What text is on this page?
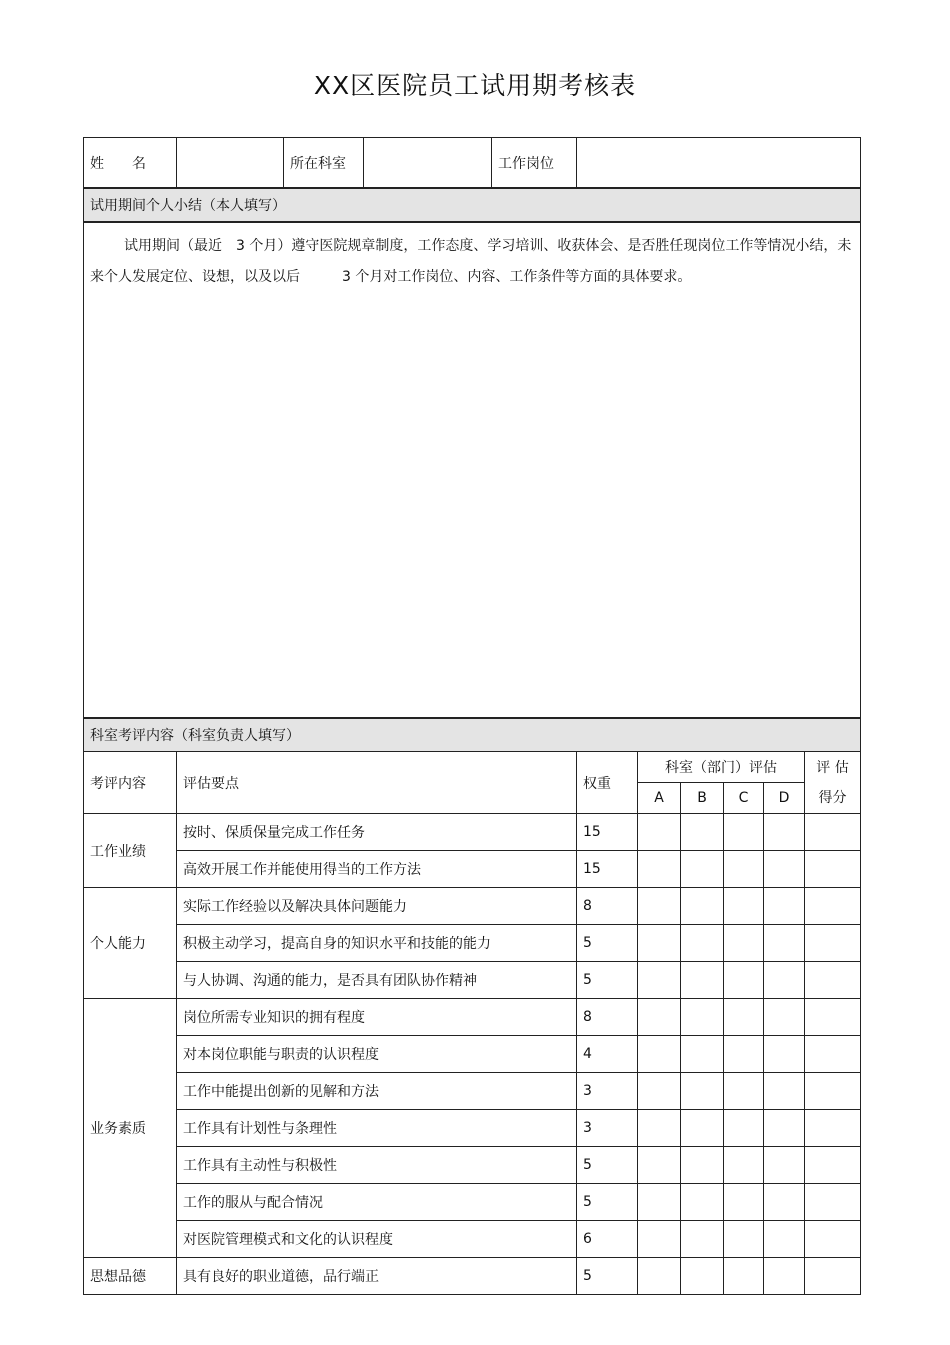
XX区医院员工试用期考核表
姓　　名		所在科室		工作岗位						
试用期间个人小结（本人填写）										

试用期间（最近　3 个月）遵守医院规章制度，工作态度、学习培训、收获体会、是否胜任现岗位工作等情况小结，未来个人发展定位、设想，以及以后　　　3 个月对工作岗位、内容、工作条件等方面的具体要求。										

科室考评内容（科室负责人填写）										
考评内容	评估要点				权重	科室（部门）评估				评 估
得分
						A	B	C	D	
工作业绩	按时、保质保量完成工作任务				15					
	高效开展工作并能使用得当的工作方法				15					
个人能力	实际工作经验以及解决具体问题能力				8					
	积极主动学习，提高自身的知识水平和技能的能力				5					
	与人协调、沟通的能力，是否具有团队协作精神				5					
业务素质	岗位所需专业知识的拥有程度				8					
	对本岗位职能与职责的认识程度				4					
	工作中能提出创新的见解和方法				3					
	工作具有计划性与条理性				3					
	工作具有主动性与积极性				5					
	工作的服从与配合情况				5					
	对医院管理模式和文化的认识程度				6					
思想品德	具有良好的职业道德，品行端正				5					
